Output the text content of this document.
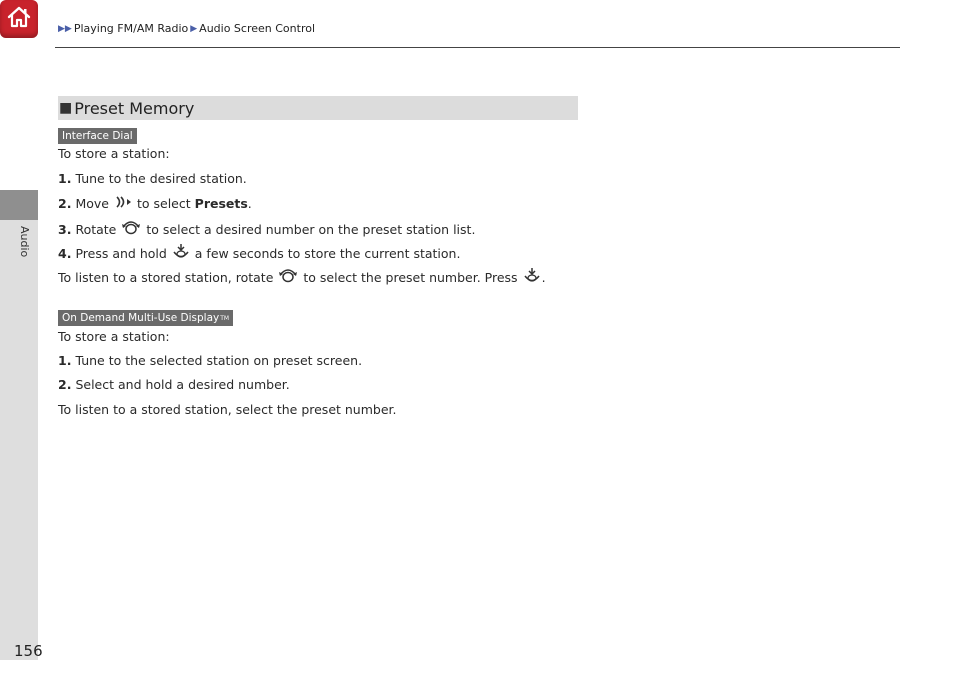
Audio
▶▶ Playing FM/AM Radio ▶ Audio Screen Control
■ Preset Memory
Interface Dial
To store a station:
1. Tune to the desired station.
2. Move to select Presets .
3. Rotate to select a desired number on the preset station list.
4. Press and hold a few seconds to store the current station.
To listen to a stored station, rotate to select the preset number. Press .
On Demand Multi-Use Display TM
To store a station:
1. Tune to the selected station on preset screen.
2. Select and hold a desired number.
To listen to a stored station, select the preset number.
156
